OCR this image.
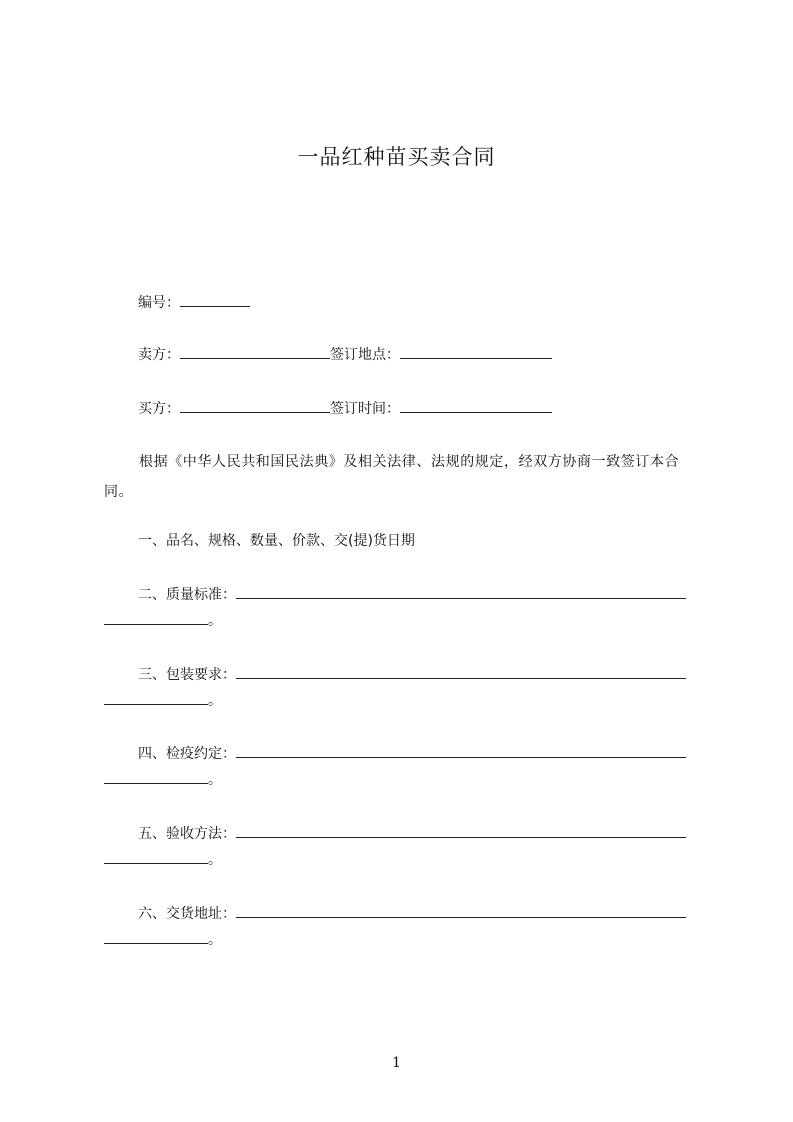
一品红种苗买卖合同
编号：
卖方：	签订地点：
买方：	签订时间：
根据《中华人民共和国民法典》及相关法律、法规的规定，经双方协商一致签订本合同。
一、品名、规格、数量、价款、交(提)货日期
二、质量标准：
。
三、包装要求：
。
四、检疫约定：
。
五、验收方法：
。
六、交货地址：
。
1
